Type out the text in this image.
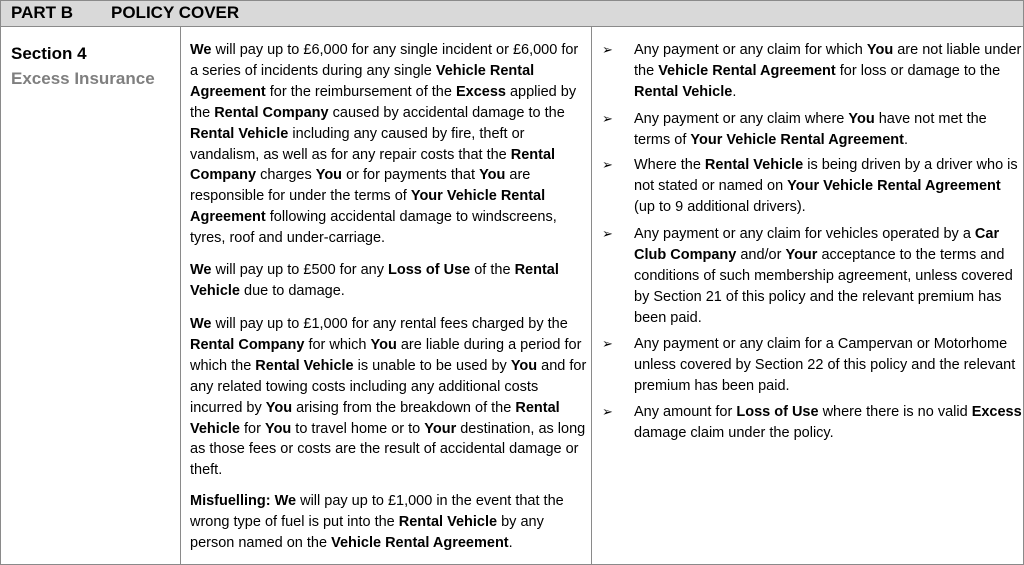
PART B POLICY COVER
Section 4
Excess Insurance

We will pay up to £6,000 for any single incident or £6,000 for a series of incidents during any single Vehicle Rental Agreement for the reimbursement of the Excess applied by the Rental Company caused by accidental damage to the Rental Vehicle including any caused by fire, theft or vandalism, as well as for any repair costs that the Rental Company charges You or for payments that You are responsible for under the terms of Your Vehicle Rental Agreement following accidental damage to windscreens, tyres, roof and under-carriage.

We will pay up to £500 for any Loss of Use of the Rental Vehicle due to damage.

We will pay up to £1,000 for any rental fees charged by the Rental Company for which You are liable during a period for which the Rental Vehicle is unable to be used by You and for any related towing costs including any additional costs incurred by You arising from the breakdown of the Rental Vehicle for You to travel home or to Your destination, as long as those fees or costs are the result of accidental damage or theft.

Misfuelling: We will pay up to £1,000 in the event that the wrong type of fuel is put into the Rental Vehicle by any person named on the Vehicle Rental Agreement.

➢ Any payment or any claim for which You are not liable under the Vehicle Rental Agreement for loss or damage to the Rental Vehicle.
➢ Any payment or any claim where You have not met the terms of Your Vehicle Rental Agreement.
➢ Where the Rental Vehicle is being driven by a driver who is not stated or named on Your Vehicle Rental Agreement (up to 9 additional drivers).
➢ Any payment or any claim for vehicles operated by a Car Club Company and/or Your acceptance to the terms and conditions of such membership agreement, unless covered by Section 21 of this policy and the relevant premium has been paid.
➢ Any payment or any claim for a Campervan or Motorhome unless covered by Section 22 of this policy and the relevant premium has been paid.
➢ Any amount for Loss of Use where there is no valid Excess damage claim under the policy.
